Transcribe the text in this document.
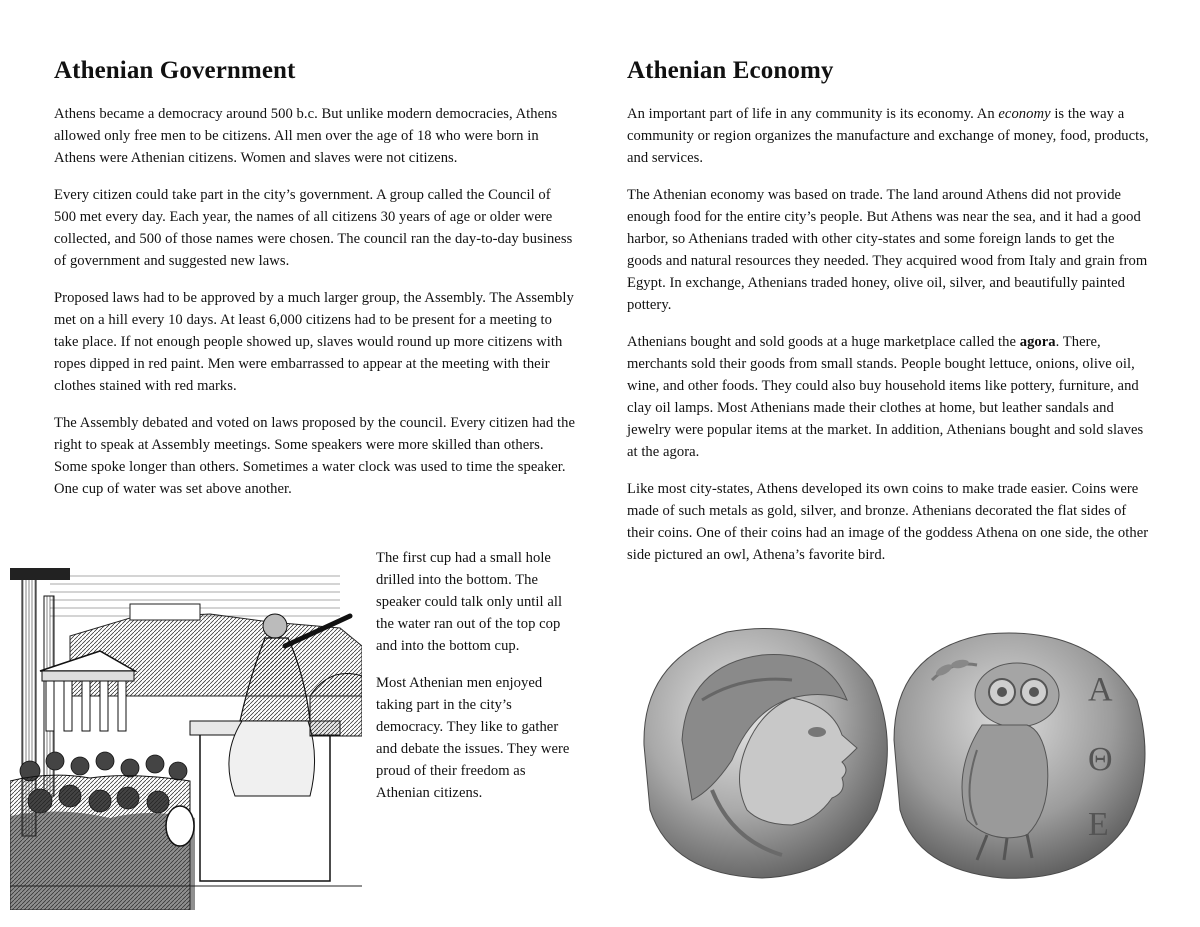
Athenian Government

Athens became a democracy around 500 b.c. But unlike modern democracies, Athens allowed only free men to be citizens. All men over the age of 18 who were born in Athens were Athenian citizens. Women and slaves were not citizens.

Every citizen could take part in the city’s government. A group called the Council of 500 met every day. Each year, the names of all citizens 30 years of age or older were collected, and 500 of those names were chosen. The council ran the day-to-day business of government and suggested new laws.

Proposed laws had to be approved by a much larger group, the Assembly. The Assembly met on a hill every 10 days. At least 6,000 citizens had to be present for a meeting to take place. If not enough people showed up, slaves would round up more citizens with ropes dipped in red paint. Men were embarrassed to appear at the meeting with their clothes stained with red marks.

The Assembly debated and voted on laws proposed by the council. Every citizen had the right to speak at Assembly meetings. Some speakers were more skilled than others. Some spoke longer than others. Sometimes a water clock was used to time the speaker. One cup of water was set above another.

The first cup had a small hole drilled into the bottom. The speaker could talk only until all the water ran out of the top cop and into the bottom cup.

Most Athenian men enjoyed taking part in the city’s democracy. They like to gather and debate the issues. They were proud of their freedom as Athenian citizens.

Athenian Economy

An important part of life in any community is its economy. An economy is the way a community or region organizes the manufacture and exchange of money, food, products, and services.

The Athenian economy was based on trade. The land around Athens did not provide enough food for the entire city’s people. But Athens was near the sea, and it had a good harbor, so Athenians traded with other city-states and some foreign lands to get the goods and natural resources they needed. They acquired wood from Italy and grain from Egypt. In exchange, Athenians traded honey, olive oil, silver, and beautifully painted pottery.

Athenians bought and sold goods at a huge marketplace called the agora. There, merchants sold their goods from small stands. People bought lettuce, onions, olive oil, wine, and other foods. They could also buy household items like pottery, furniture, and clay oil lamps. Most Athenians made their clothes at home, but leather sandals and jewelry were popular items at the market. In addition, Athenians bought and sold slaves at the agora.

Like most city-states, Athens developed its own coins to make trade easier. Coins were made of such metals as gold, silver, and bronze. Athenians decorated the flat sides of their coins. One of their coins had an image of the goddess Athena on one side, the other side pictured an owl, Athena’s favorite bird.

Α
Θ
Ε
